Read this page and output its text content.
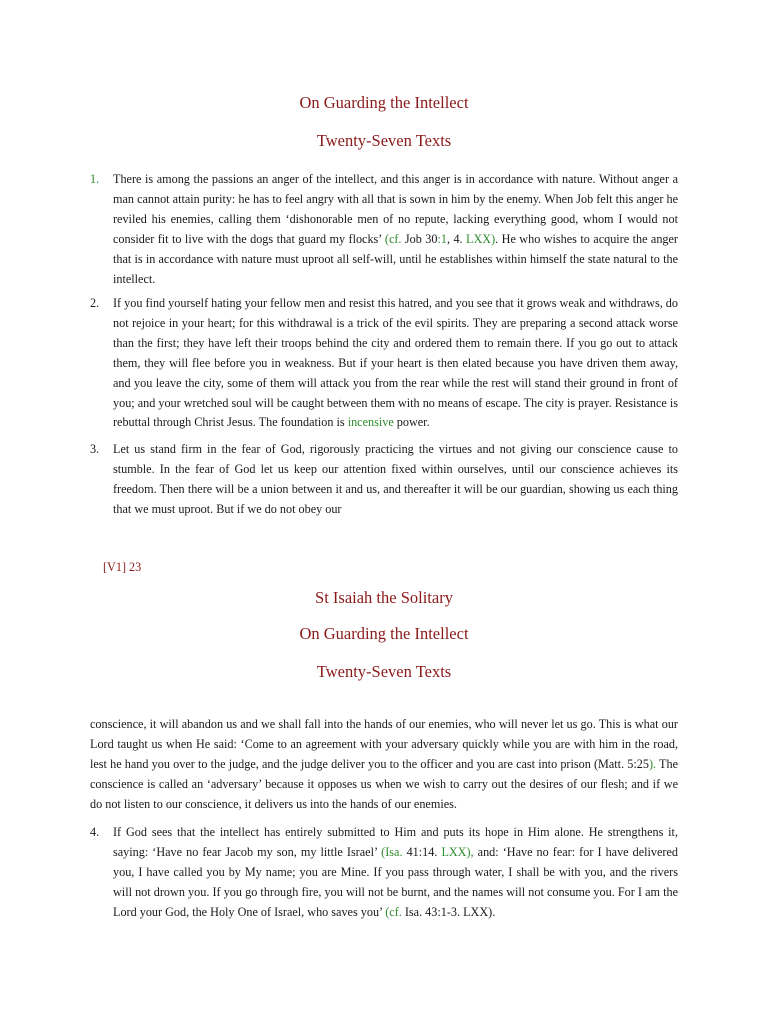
On Guarding the Intellect
Twenty-Seven Texts
1. There is among the passions an anger of the intellect, and this anger is in accordance with nature. Without anger a man cannot attain purity: he has to feel angry with all that is sown in him by the enemy. When Job felt this anger he reviled his enemies, calling them ‘dishonorable men of no repute, lacking everything good, whom I would not consider fit to live with the dogs that guard my flocks’ (cf. Job 30:1, 4. LXX). He who wishes to acquire the anger that is in accordance with nature must uproot all self-will, until he establishes within himself the state natural to the intellect.

2. If you find yourself hating your fellow men and resist this hatred, and you see that it grows weak and withdraws, do not rejoice in your heart; for this withdrawal is a trick of the evil spirits. They are preparing a second attack worse than the first; they have left their troops behind the city and ordered them to remain there. If you go out to attack them, they will flee before you in weakness. But if your heart is then elated because you have driven them away, and you leave the city, some of them will attack you from the rear while the rest will stand their ground in front of you; and your wretched soul will be caught between them with no means of escape. The city is prayer. Resistance is rebuttal through Christ Jesus. The foundation is incensive power.

3. Let us stand firm in the fear of God, rigorously practicing the virtues and not giving our conscience cause to stumble. In the fear of God let us keep our attention fixed within ourselves, until our conscience achieves its freedom. Then there will be a union between it and us, and thereafter it will be our guardian, showing us each thing that we must uproot. But if we do not obey our

[V1] 23
St Isaiah the Solitary
On Guarding the Intellect
Twenty-Seven Texts

conscience, it will abandon us and we shall fall into the hands of our enemies, who will never let us go. This is what our Lord taught us when He said: ‘Come to an agreement with your adversary quickly while you are with him in the road, lest he hand you over to the judge, and the judge deliver you to the officer and you are cast into prison (Matt. 5:25). The conscience is called an ‘adversary’ because it opposes us when we wish to carry out the desires of our flesh; and if we do not listen to our conscience, it delivers us into the hands of our enemies.

4. If God sees that the intellect has entirely submitted to Him and puts its hope in Him alone. He strengthens it, saying: ‘Have no fear Jacob my son, my little Israel’ (Isa. 41:14. LXX), and: ‘Have no fear: for I have delivered you, I have called you by My name; you are Mine. If you pass through water, I shall be with you, and the rivers will not drown you. If you go through fire, you will not be burnt, and the names will not consume you. For I am the Lord your God, the Holy One of Israel, who saves you’ (cf. Isa. 43:1-3. LXX).
